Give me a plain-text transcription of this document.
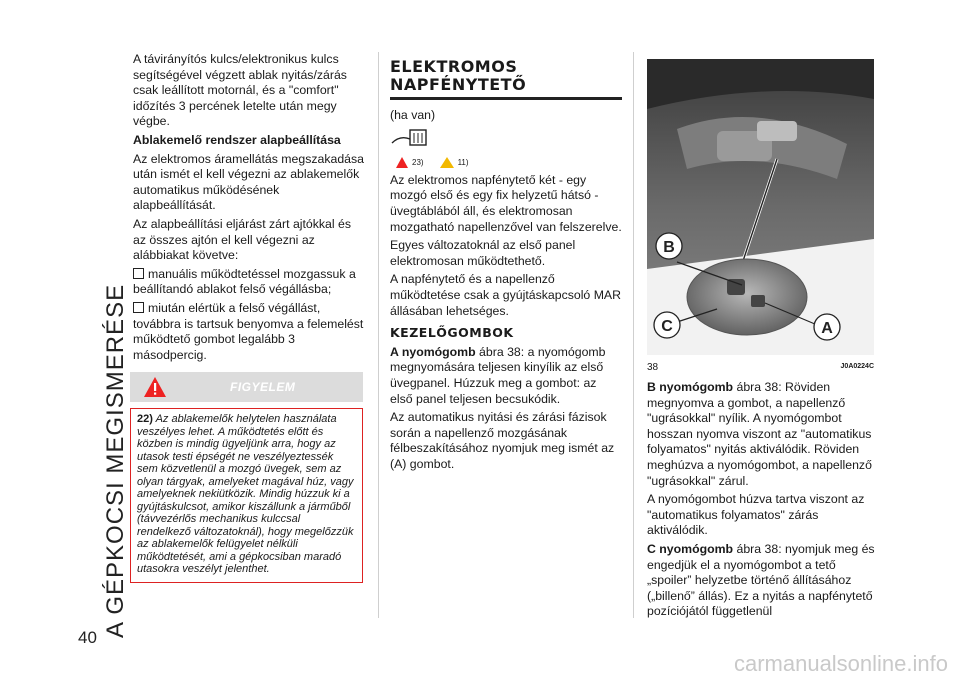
A GÉPKOCSI MEGISMERÉSE
40

A távirányítós kulcs/elektronikus kulcs segítségével végzett ablak nyitás/zárás csak leállított motornál, és a "comfort" időzítés 3 percének letelte után megy végbe.

Ablakemelő rendszer alapbeállítása

Az elektromos áramellátás megszakadása után ismét el kell végezni az ablakemelők automatikus működésének alapbeállítását.

Az alapbeállítási eljárást zárt ajtókkal és az összes ajtón el kell végezni az alábbiakat követve:

manuális működtetéssel mozgassuk a beállítandó ablakot felső végállásba;

miután elértük a felső végállást, továbbra is tartsuk benyomva a felemelést működtető gombot legalább 3 másodpercig.

FIGYELEM
22) Az ablakemelők helytelen használata veszélyes lehet. A működtetés előtt és közben is mindig ügyeljünk arra, hogy az utasok testi épségét ne veszélyeztessék sem közvetlenül a mozgó üvegek, sem az olyan tárgyak, amelyeket magával húz, vagy amelyeknek nekiütközik. Mindig húzzuk ki a gyújtáskulcsot, amikor kiszállunk a járműből (távvezérlős mechanikus kulccsal rendelkező változatoknál), hogy megelőzzük az ablakemelők felügyelet nélküli működtetését, ami a gépkocsiban maradó utasokra veszélyt jelenthet.
ELEKTROMOS
NAPFÉNYTETŐ

(ha van)

23)	11)

Az elektromos napfénytető két - egy mozgó első és egy fix helyzetű hátsó - üvegtáblából áll, és elektromosan mozgatható napellenzővel van felszerelve.

Egyes változatoknál az első panel elektromosan működtethető.

A napfénytető és a napellenző működtetése csak a gyújtáskapcsoló MAR állásában lehetséges.

KEZELŐGOMBOK

A nyomógomb ábra 38: a nyomógomb megnyomására teljesen kinyílik az első üvegpanel. Húzzuk meg a gombot: az első panel teljesen becsukódik.

Az automatikus nyitási és zárási fázisok során a napellenző mozgásának félbeszakításához nyomjuk meg ismét az (A) gombot.

B
C	A
38	J0A0224C

B nyomógomb ábra 38: Röviden megnyomva a gombot, a napellenző "ugrásokkal" nyílik. A nyomógombot hosszan nyomva viszont az "automatikus folyamatos" nyitás aktiválódik. Röviden meghúzva a nyomógombot, a napellenző "ugrásokkal" zárul.

A nyomógombot húzva tartva viszont az "automatikus folyamatos" zárás aktiválódik.

C nyomógomb ábra 38: nyomjuk meg és engedjük el a nyomógombot a tető „spoiler” helyzetbe történő állításához („billenő” állás). Ez a nyitás a napfénytető pozíciójától függetlenül

carmanualsonline.info
